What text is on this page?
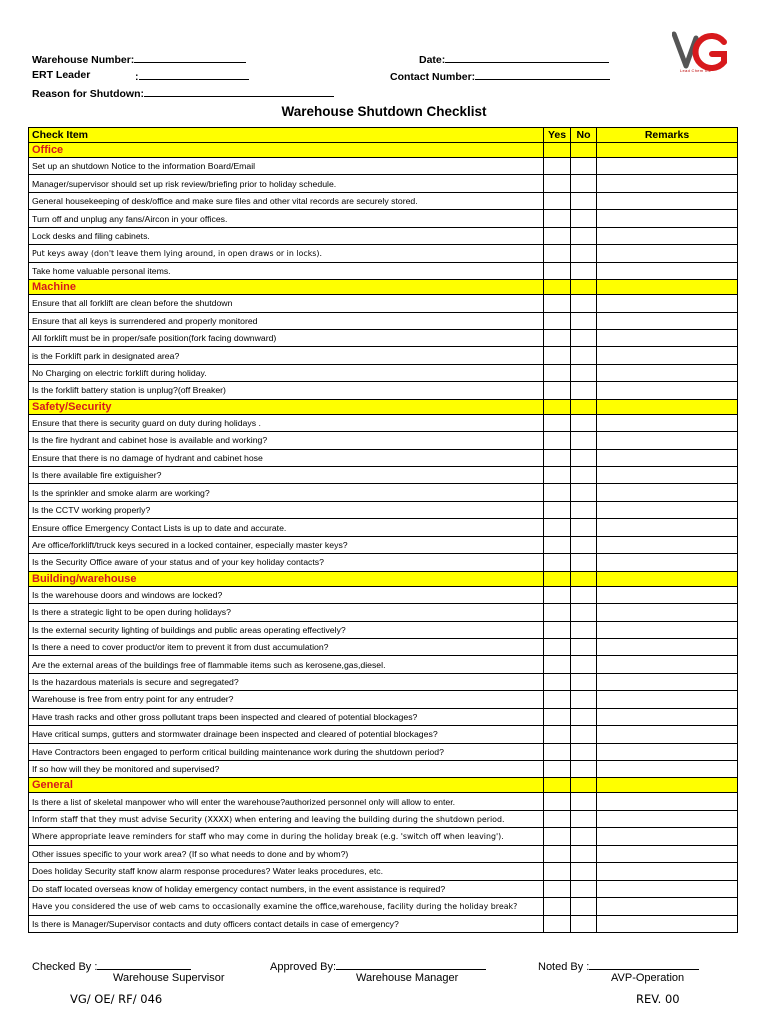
Warehouse Number:	Date:
ERT Leader	:	Contact Number:
Reason for Shutdown:
Lead Chem Inc
Warehouse Shutdown Checklist
Check Item	Yes	No	Remarks
Office			
Set up an shutdown Notice to the information Board/Email			
Manager/supervisor should set up risk review/briefing prior to holiday schedule.			
General housekeeping of desk/office and make sure files and other vital records are securely stored.			
Turn off and unplug any fans/Aircon in your offices.			
Lock desks and filing cabinets.			
Put keys away (don't leave them lying around, in open draws or in locks).			
Take home valuable personal items.			
Machine			
Ensure that all forklift are clean before the shutdown			
Ensure that all keys is surrendered and properly monitored			
All forklift must be in proper/safe position(fork facing downward)			
is the Forklift park in designated area?			
No Charging on electric forklift during holiday.			
Is the forklift battery station is unplug?(off Breaker)			
Safety/Security			
Ensure that there is security guard on duty during holidays .			
Is the fire hydrant and cabinet hose is available and working?			
Ensure that there is no damage of hydrant and cabinet hose			
Is there available fire extiguisher?			
Is the sprinkler and smoke alarm are working?			
Is the CCTV working properly?			
Ensure office Emergency Contact Lists is up to date and accurate.			
Are office/forklift/truck keys secured in a locked container, especially master keys?			
Is the Security Office aware of your status and of your key holiday contacts?			
Building/warehouse			
Is the warehouse doors and windows are locked?			
Is there a strategic light to be open during holidays?			
Is the external security lighting of buildings and public areas operating effectively?			
Is there a need to cover product/or item to prevent it from dust accumulation?			
Are the external areas of the buildings free of flammable items such as kerosene,gas,diesel.			
Is the hazardous materials is secure and segregated?			
Warehouse is free from entry point for any entruder?			
Have trash racks and other gross pollutant traps been inspected and cleared of potential blockages?			
Have critical sumps, gutters and stormwater drainage been inspected and cleared of potential blockages?			
Have Contractors been engaged to perform critical building maintenance work during the shutdown period?			
If so how will they be monitored and supervised?			
General			
Is there a list of skeletal manpower who will enter the warehouse?authorized personnel only will allow to enter.			
Inform staff that they must advise Security (XXXX) when entering and leaving the building during the shutdown period.			
Where appropriate leave reminders for staff who may come in during the holiday break (e.g. 'switch off when leaving').			
Other issues specific to your work area? (If so what needs to done and by whom?)			
Does holiday Security staff know alarm response procedures? Water leaks procedures, etc.			
Do staff located overseas know of holiday emergency contact numbers, in the event assistance is required?			
Have you considered the use of web cams to occasionally examine the office,warehouse, facility during the holiday break?			
Is there is Manager/Supervisor contacts and duty officers contact details in case of emergency?			
Checked By :
Warehouse Supervisor
Approved By:
Warehouse Manager
Noted By :
AVP-Operation
VG/ OE/ RF/ 046	REV. 00
